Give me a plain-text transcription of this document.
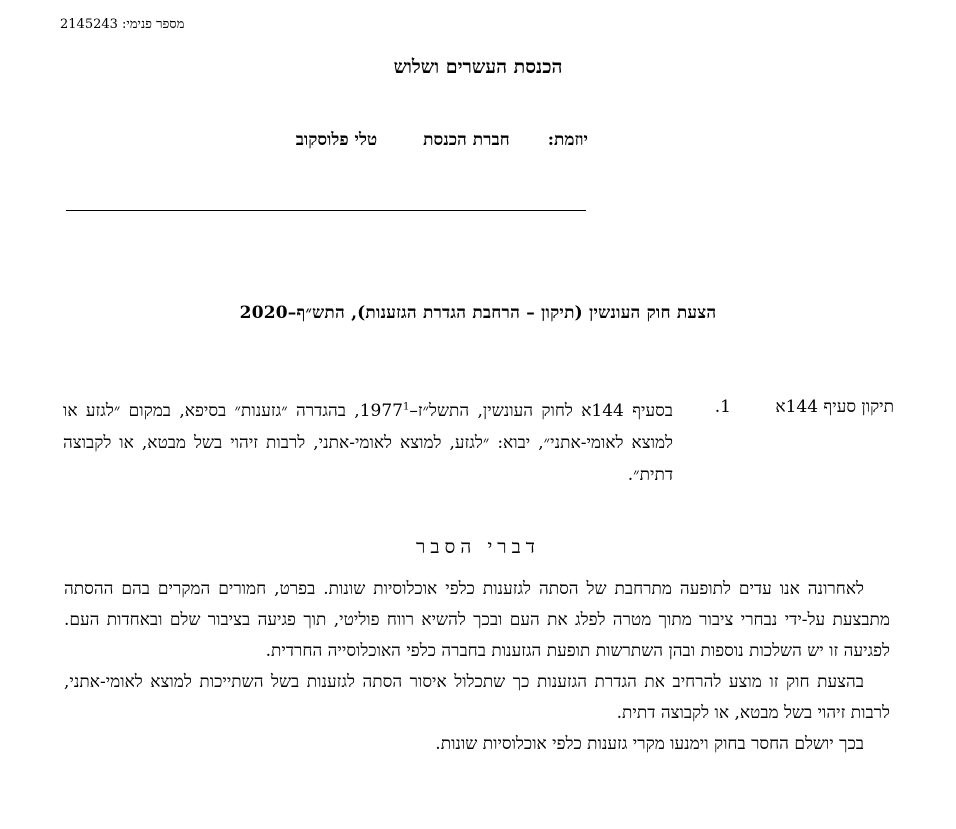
מספר פנימי: 2145243
הכנסת העשרים ושלוש
יוזמת:
חברת הכנסת
טלי פלוסקוב
הצעת חוק העונשין (תיקון – הרחבת הגדרת הגזענות), התש״ף–2020
תיקון סעיף 144א
1.
בסעיף 144א לחוק העונשין, התשל״ז–1977$^1$, בהגדרה ״גזענות״ בסיפא, במקום ״לגזע או למוצא לאומי-אתני״, יבוא: ״לגזע, למוצא לאומי-אתני, לרבות זיהוי בשל מבטא, או לקבוצה דתית״.
דברי הסבר

לאחרונה אנו עדים לתופעה מתרחבת של הסתה לגזענות כלפי אוכלוסיות שונות. בפרט, חמורים המקרים בהם ההסתה מתבצעת על-ידי נבחרי ציבור מתוך מטרה לפלג את העם ובכך להשיא רווח פוליטי, תוך פגיעה בציבור שלם ובאחדות העם. לפגיעה זו יש השלכות נוספות ובהן השתרשות תופעת הגזענות בחברה כלפי האוכלוסייה החרדית.

בהצעת חוק זו מוצע להרחיב את הגדרת הגזענות כך שתכלול איסור הסתה לגזענות בשל השתייכות למוצא לאומי-אתני, לרבות זיהוי בשל מבטא, או לקבוצה דתית.

בכך יושלם החסר בחוק וימנעו מקרי גזענות כלפי אוכלוסיות שונות.
